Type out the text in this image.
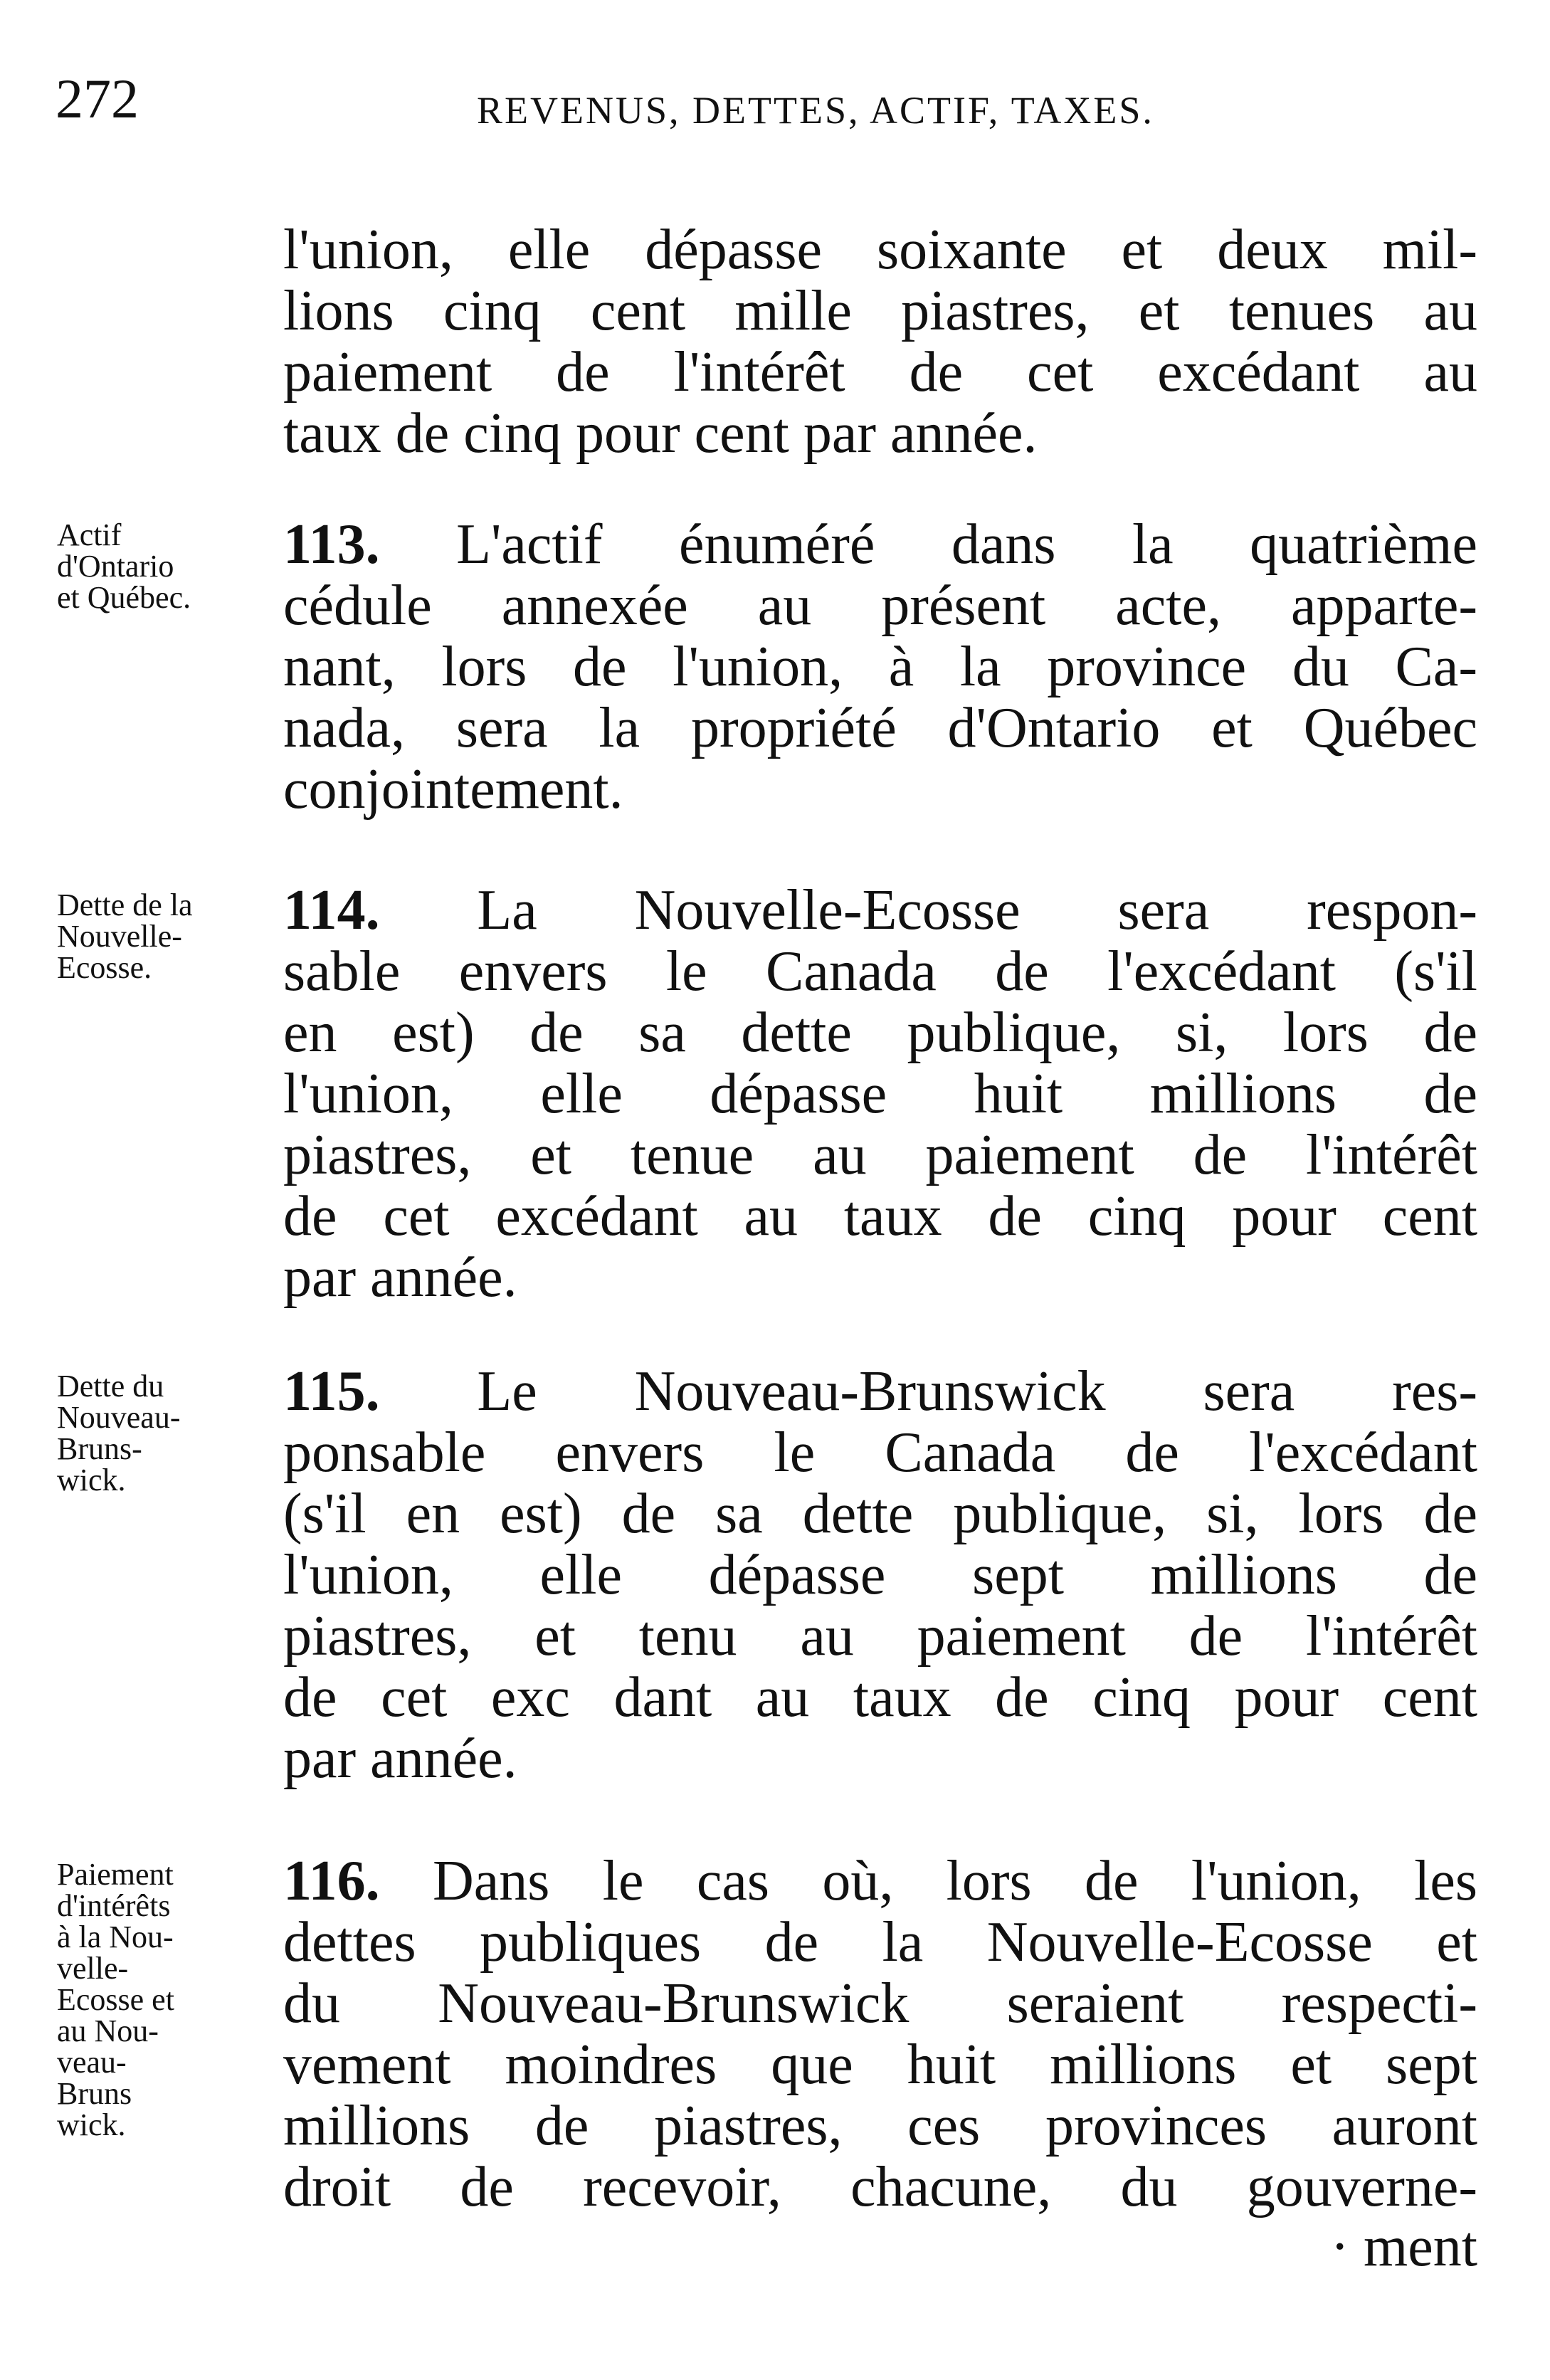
272	REVENUS, DETTES, ACTIF, TAXES.
l'union, elle dépasse soixante et deux mil-
lions cinq cent mille piastres, et tenues au
paiement de l'intérêt de cet excédant au
taux de cinq pour cent par année.
Actif
d'Ontario
et Québec.
113. L'actif énuméré dans la quatrième
cédule annexée au présent acte, apparte-
nant, lors de l'union, à la province du Ca-
nada, sera la propriété d'Ontario et Québec
conjointement.
Dette de la
Nouvelle-
Ecosse.
114. La Nouvelle-Ecosse sera respon-
sable envers le Canada de l'excédant (s'il
en est) de sa dette publique, si, lors de
l'union, elle dépasse huit millions de
piastres, et tenue au paiement de l'intérêt
de cet excédant au taux de cinq pour cent
par année.
Dette du
Nouveau-
Bruns-
wick.
115. Le Nouveau-Brunswick sera res-
ponsable envers le Canada de l'excédant
(s'il en est) de sa dette publique, si, lors de
l'union, elle dépasse sept millions de
piastres, et tenu au paiement de l'intérêt
de cet exc dant au taux de cinq pour cent
par année.
Paiement
d'intérêts
à la Nou-
velle-
Ecosse et
au Nou-
veau-
Bruns
wick.
116. Dans le cas où, lors de l'union, les
dettes publiques de la Nouvelle-Ecosse et
du Nouveau-Brunswick seraient respecti-
vement moindres que huit millions et sept
millions de piastres, ces provinces auront
droit de recevoir, chacune, du gouverne-
· ment
